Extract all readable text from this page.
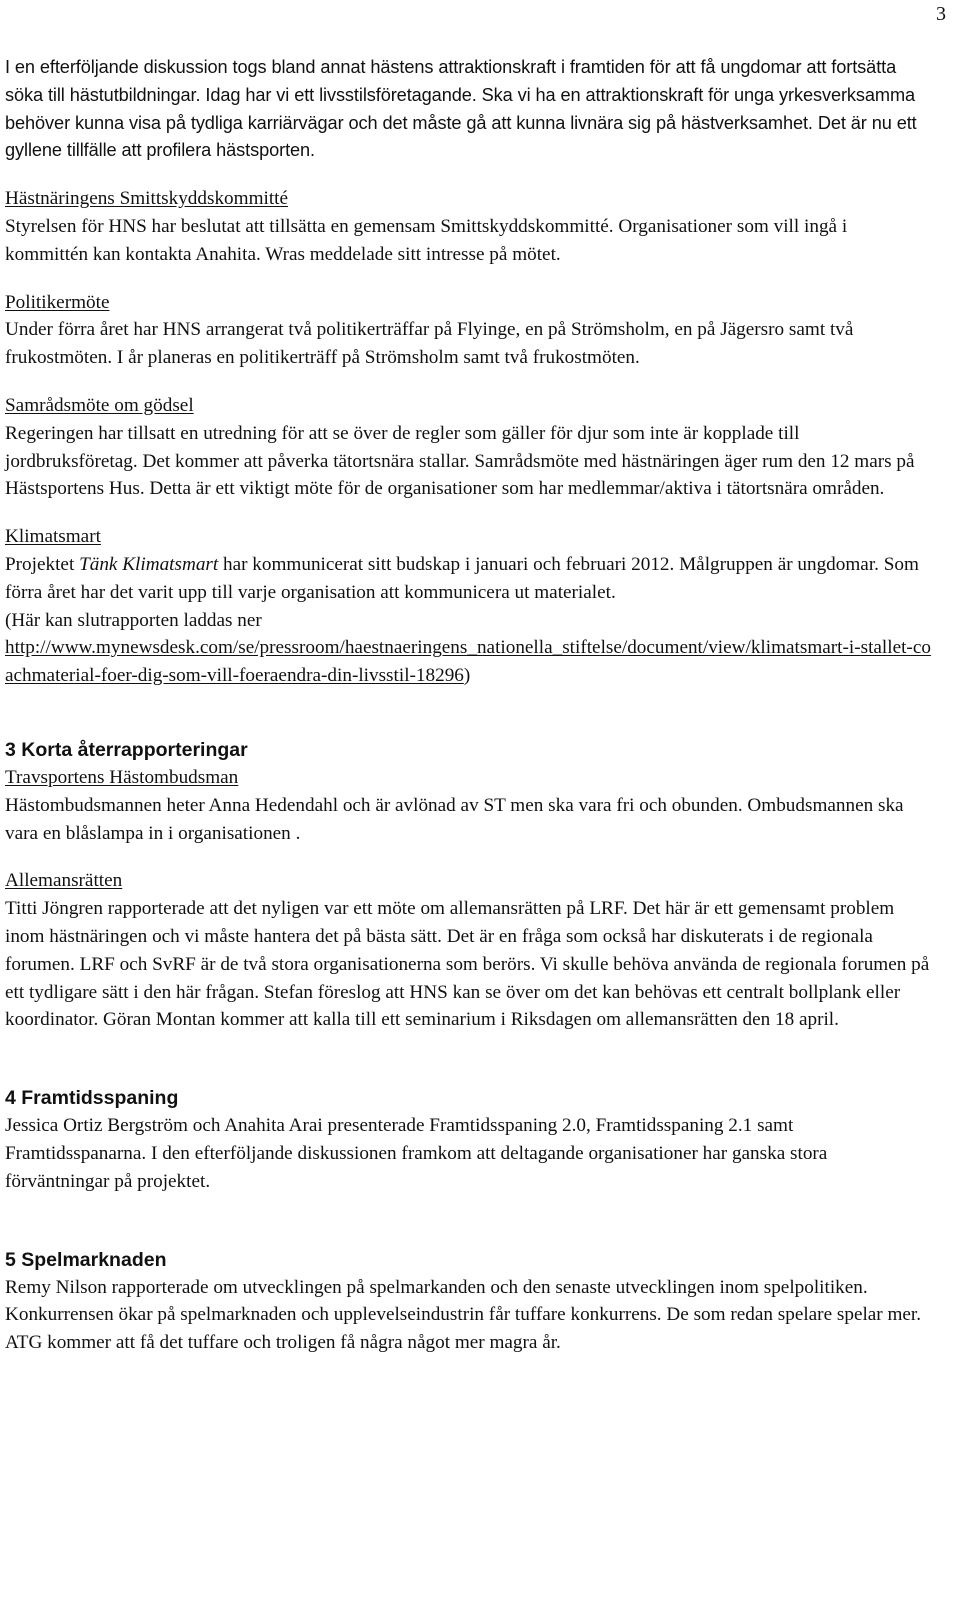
3

I en efterföljande diskussion togs bland annat hästens attraktionskraft i framtiden för att få ungdomar att fortsätta söka till hästutbildningar. Idag har vi ett livsstilsföretagande. Ska vi ha en attraktionskraft för unga yrkesverksamma behöver kunna visa på tydliga karriärvägar och det måste gå att kunna livnära sig på hästverksamhet. Det är nu ett gyllene tillfälle att profilera hästsporten.

Hästnäringens Smittskyddskommitté

Styrelsen för HNS har beslutat att tillsätta en gemensam Smittskyddskommitté. Organisationer som vill ingå i kommittén kan kontakta Anahita. Wras meddelade sitt intresse på mötet.

Politikermöte

Under förra året har HNS arrangerat två politikerträffar på Flyinge, en på Strömsholm, en på Jägersro samt två frukostmöten. I år planeras en politikerträff på Strömsholm samt två frukostmöten.

Samrådsmöte om gödsel

Regeringen har tillsatt en utredning för att se över de regler som gäller för djur som inte är kopplade till jordbruksföretag. Det kommer att påverka tätortsnära stallar. Samrådsmöte med hästnäringen äger rum den 12 mars på Hästsportens Hus. Detta är ett viktigt möte för de organisationer som har medlemmar/aktiva i tätortsnära områden.

Klimatsmart

Projektet Tänk Klimatsmart har kommunicerat sitt budskap i januari och februari 2012. Målgruppen är ungdomar. Som förra året har det varit upp till varje organisation att kommunicera ut materialet.

(Här kan slutrapporten laddas ner
http://www.mynewsdesk.com/se/pressroom/haestnaeringens_nationella_stiftelse/document/view/klimatsmart-i-stallet-coachmaterial-foer-dig-som-vill-foeraendra-din-livsstil-18296)

3 Korta återrapporteringar

Travsportens Hästombudsman

Hästombudsmannen heter Anna Hedendahl och är avlönad av ST men ska vara fri och obunden. Ombudsmannen ska vara en blåslampa in i organisationen .

Allemansrätten

Titti Jöngren rapporterade att det nyligen var ett möte om allemansrätten på LRF. Det här är ett gemensamt problem inom hästnäringen och vi måste hantera det på bästa sätt. Det är en fråga som också har diskuterats i de regionala forumen. LRF och SvRF är de två stora organisationerna som berörs. Vi skulle behöva använda de regionala forumen på ett tydligare sätt i den här frågan. Stefan föreslog att HNS kan se över om det kan behövas ett centralt bollplank eller koordinator. Göran Montan kommer att kalla till ett seminarium i Riksdagen om allemansrätten den 18 april.

4 Framtidsspaning

Jessica Ortiz Bergström och Anahita Arai presenterade Framtidsspaning 2.0, Framtidsspaning 2.1 samt Framtidsspanarna. I den efterföljande diskussionen framkom att deltagande organisationer har ganska stora förväntningar på projektet.

5 Spelmarknaden

Remy Nilson rapporterade om utvecklingen på spelmarkanden och den senaste utvecklingen inom spelpolitiken. Konkurrensen ökar på spelmarknaden och upplevelseindustrin får tuffare konkurrens. De som redan spelare spelar mer. ATG kommer att få det tuffare och troligen få några något mer magra år.
